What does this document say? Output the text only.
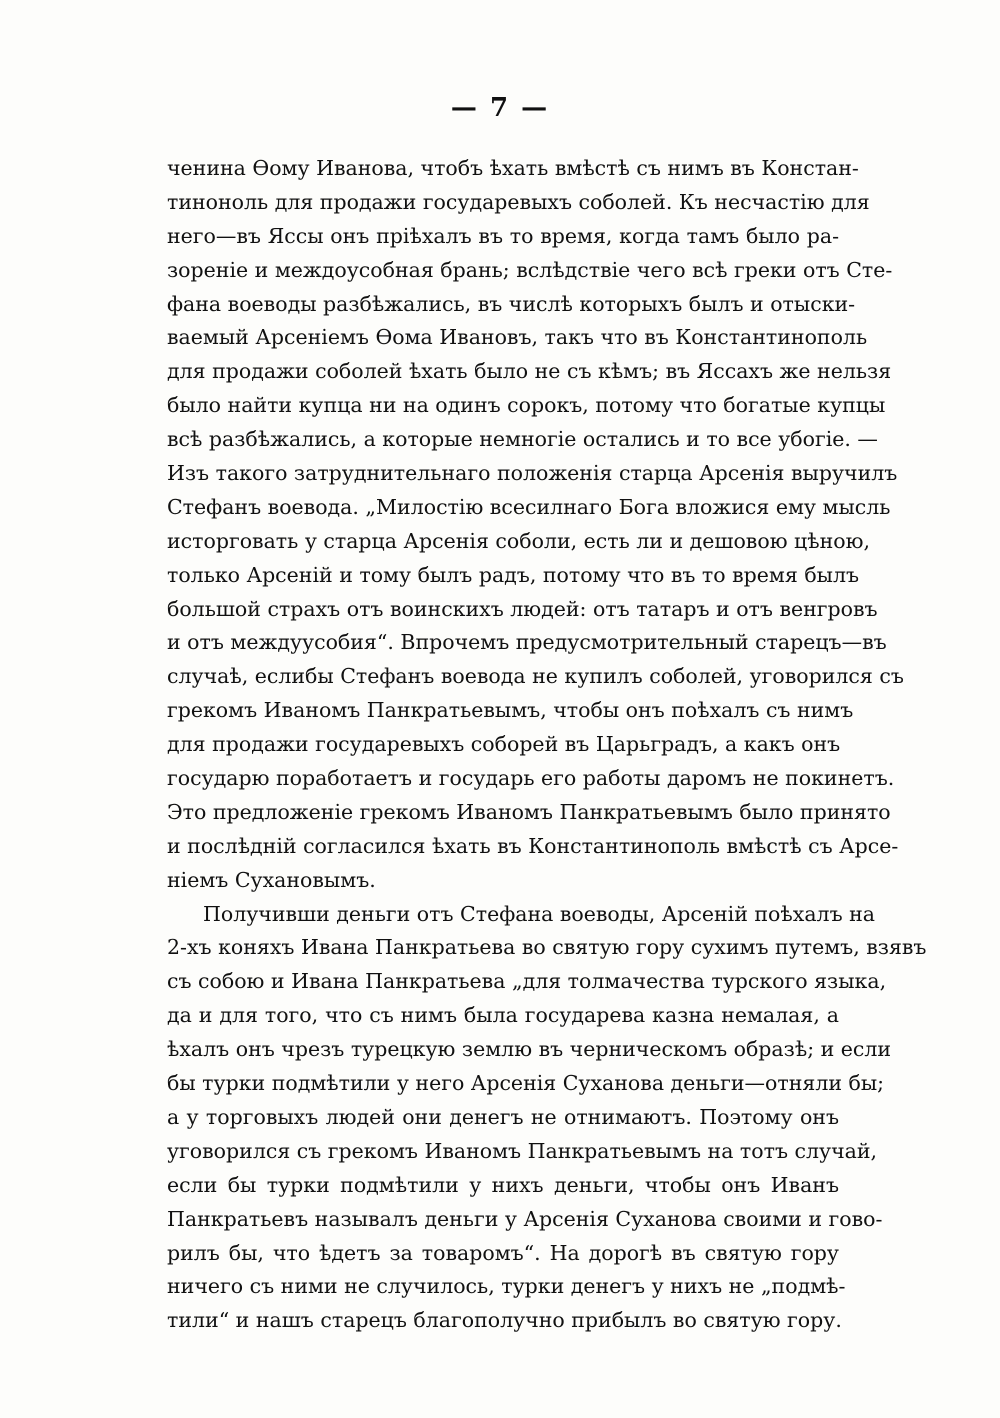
— 7 —
ченина Өому Иванова, чтобъ ѣхать вмѣстѣ съ нимъ въ Констан-
тиноноль для продажи государевыхъ соболей. Къ несчастію для
него—въ Яссы онъ пріѣхалъ въ то время, когда тамъ было ра-
зореніе и междоусобная брань; вслѣдствіе чего всѣ греки отъ Сте-
фана воеводы разбѣжались, въ числѣ которыхъ былъ и отыски-
ваемый Арсеніемъ Өома Ивановъ, такъ что въ Константинополь
для продажи соболей ѣхать было не съ кѣмъ; въ Яссахъ же нельзя
было найти купца ни на одинъ сорокъ, потому что богатые купцы
всѣ разбѣжались, а которые немногіе остались и то все убогіе. —
Изъ такого затруднительнаго положенія старца Арсенія выручилъ
Стефанъ воевода. „Милостію всесилнаго Бога вложися ему мысль
исторговать у старца Арсенія соболи, есть ли и дешовою цѣною,
только Арсеній и тому былъ радъ, потому что въ то время былъ
большой страхъ отъ воинскихъ людей: отъ татаръ и отъ венгровъ
и отъ междуусобия“. Впрочемъ предусмотрительный старецъ—въ
случаѣ, еслибы Стефанъ воевода не купилъ соболей, уговорился съ
грекомъ Иваномъ Панкратьевымъ, чтобы онъ поѣхалъ съ нимъ
для продажи государевыхъ соборей въ Царьградъ, а какъ онъ
государю поработаетъ и государь его работы даромъ не покинетъ.
Это предложеніе грекомъ Иваномъ Панкратьевымъ было принято
и послѣдній согласился ѣхать въ Константинополь вмѣстѣ съ Арсе-
ніемъ Сухановымъ.
Получивши деньги отъ Стефана воеводы, Арсеній поѣхалъ на
2-хъ коняхъ Ивана Панкратьева во святую гору сухимъ путемъ, взявъ
съ собою и Ивана Панкратьева „для толмачества турского языка,
да и для того, что съ нимъ была государева казна немалая, а
ѣхалъ онъ чрезъ турецкую землю въ черническомъ образѣ; и если
бы турки подмѣтили у него Арсенія Суханова деньги—отняли бы;
а у торговыхъ людей они денегъ не отнимаютъ. Поэтому онъ
уговорился съ грекомъ Иваномъ Панкратьевымъ на тотъ случай,
если бы турки подмѣтили у нихъ деньги, чтобы онъ Иванъ
Панкратьевъ называлъ деньги у Арсенія Суханова своими и гово-
рилъ бы, что ѣдетъ за товаромъ“. На дорогѣ въ святую гору
ничего съ ними не случилось, турки денегъ у нихъ не „подмѣ-
тили“ и нашъ старецъ благополучно прибылъ во святую гору.
